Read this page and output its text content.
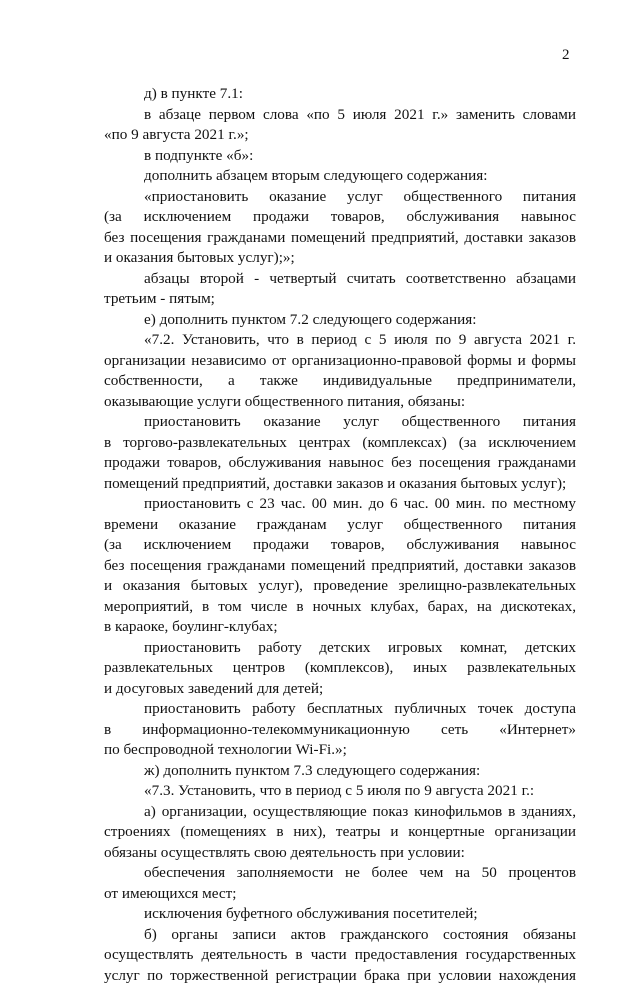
2
д) в пункте 7.1:
в абзаце первом слова «по 5 июля 2021 г.» заменить словами
«по 9 августа 2021 г.»;
в подпункте «б»:
дополнить абзацем вторым следующего содержания:
«приостановить оказание услуг общественного питания
(за исключением продажи товаров, обслуживания навынос
без посещения гражданами помещений предприятий, доставки заказов
и оказания бытовых услуг);»;
абзацы второй - четвертый считать соответственно абзацами
третьим - пятым;
е) дополнить пунктом 7.2 следующего содержания:
«7.2. Установить, что в период с 5 июля по 9 августа 2021 г.
организации независимо от организационно-правовой формы и формы
собственности, а также индивидуальные предприниматели,
оказывающие услуги общественного питания, обязаны:
приостановить оказание услуг общественного питания
в торгово-развлекательных центрах (комплексах) (за исключением
продажи товаров, обслуживания навынос без посещения гражданами
помещений предприятий, доставки заказов и оказания бытовых услуг);
приостановить с 23 час. 00 мин. до 6 час. 00 мин. по местному
времени оказание гражданам услуг общественного питания
(за исключением продажи товаров, обслуживания навынос
без посещения гражданами помещений предприятий, доставки заказов
и оказания бытовых услуг), проведение зрелищно-развлекательных
мероприятий, в том числе в ночных клубах, барах, на дискотеках,
в караоке, боулинг-клубах;
приостановить работу детских игровых комнат, детских
развлекательных центров (комплексов), иных развлекательных
и досуговых заведений для детей;
приостановить работу бесплатных публичных точек доступа
в информационно-телекоммуникационную сеть «Интернет»
по беспроводной технологии Wi-Fi.»;
ж) дополнить пунктом 7.3 следующего содержания:
«7.3. Установить, что в период с 5 июля по 9 августа 2021 г.:
а) организации, осуществляющие показ кинофильмов в зданиях,
строениях (помещениях в них), театры и концертные организации
обязаны осуществлять свою деятельность при условии:
обеспечения заполняемости не более чем на 50 процентов
от имеющихся мест;
исключения буфетного обслуживания посетителей;
б) органы записи актов гражданского состояния обязаны
осуществлять деятельность в части предоставления государственных
услуг по торжественной регистрации брака при условии нахождения
